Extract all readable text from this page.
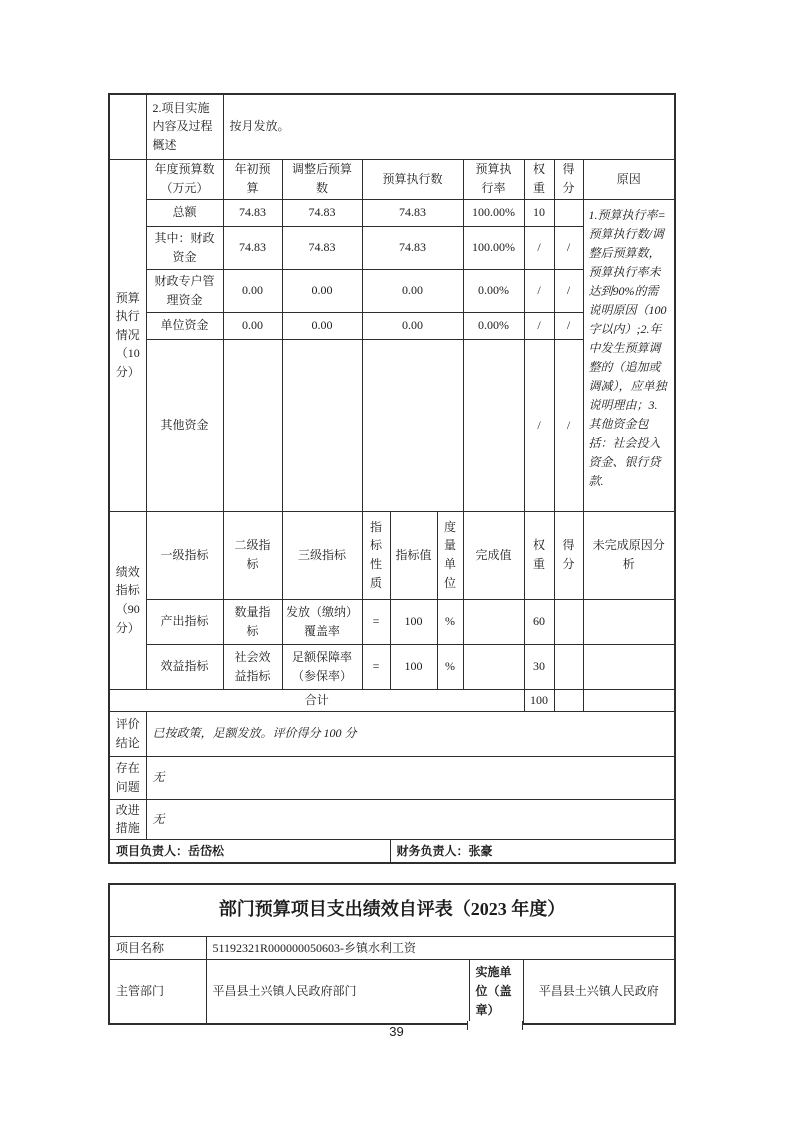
	2.项目实施内容及过程概述	按月发放。								
预算执行情况（10分）	年度预算数（万元）	年初预算	调整后预算数	预算执行数			预算执行率	权重	得分	原因
	总额	74.83	74.83	74.83			100.00%	10		1.预算执行率=预算执行数/调整后预算数，预算执行率未达到90%的需说明原因（100字以内）;2.年中发生预算调整的（追加或调减），应单独说明理由；3.其他资金包括：社会投入资金、银行贷款.
	其中：财政资金	74.83	74.83	74.83			100.00%	/	/	
	财政专户管理资金	0.00	0.00	0.00			0.00%	/	/	
	单位资金	0.00	0.00	0.00			0.00%	/	/	
	其他资金							/	/	
绩效指标（90分）	一级指标	二级指标	三级指标	指标性质	指标值	度量单位	完成值	权重	得分	未完成原因分析
	产出指标	数量指标	发放（缴纳）覆盖率	=	100	%		60		
	效益指标	社会效益指标	足额保障率（参保率）	=	100	%		30		
合计								100		
评价结论	已按政策，足额发放。评价得分 100 分									
存在问题	无									
改进措施	无									
项目负责人：岳岱松					财务负责人：张豪					
部门预算项目支出绩效自评表（2023 年度）			
项目名称	51192321R000000050603-乡镇水利工资		
主管部门	平昌县土兴镇人民政府部门	实施单位（盖章）	平昌县土兴镇人民政府
39
